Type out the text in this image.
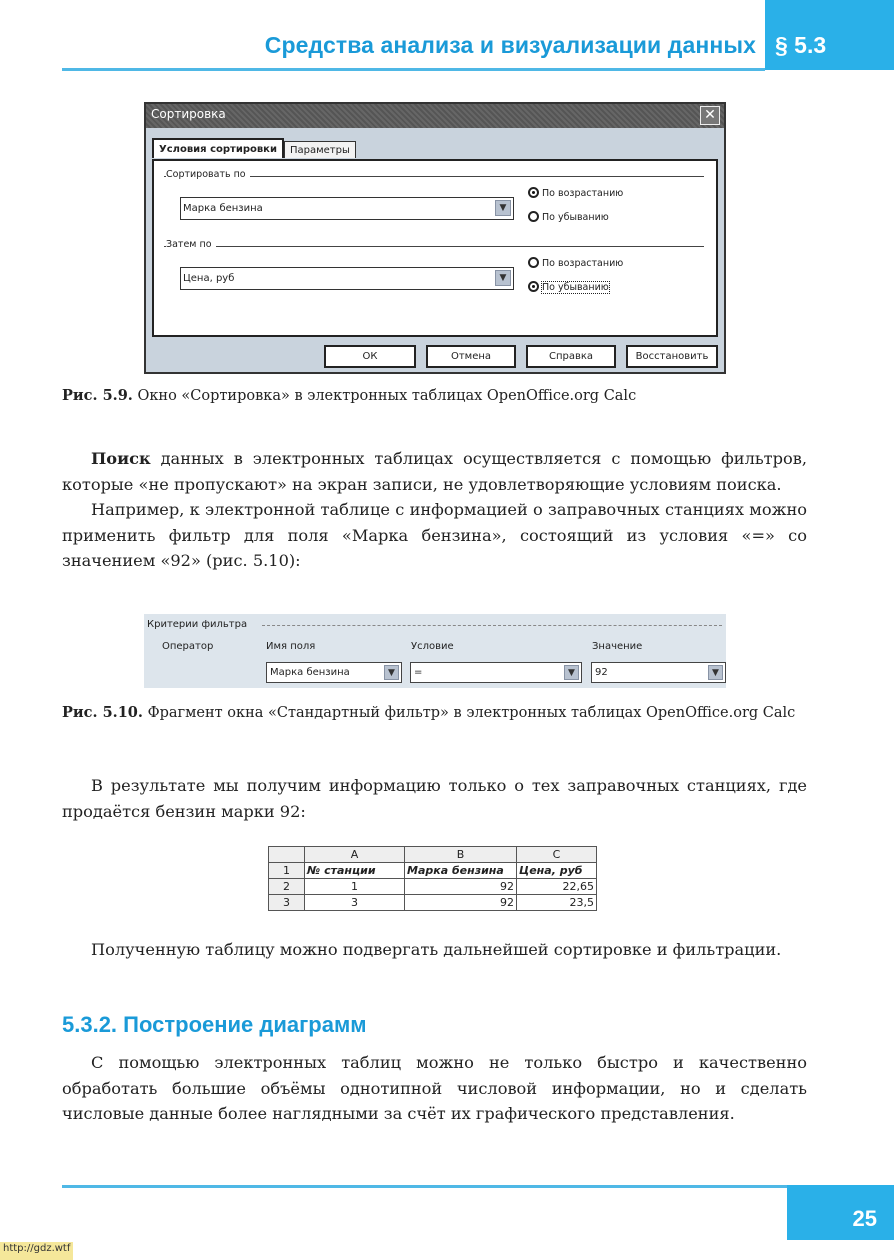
Средства анализа и визуализации данных § 5.3
Сортировка	✕
Условия сортировки Параметры
Сортировать по
Марка бензина	▼
По возрастанию
По убыванию
Затем по
Цена, руб	▼
По возрастанию
По убыванию
ОК	Отмена	Справка	Восстановить
Рис. 5.9. Окно «Сортировка» в электронных таблицах OpenOffice.org Calc

Поиск данных в электронных таблицах осуществляется с помощью фильтров, которые «не пропускают» на экран записи, не удовлетворяющие условиям поиска.

Например, к электронной таблице с информацией о заправочных станциях можно применить фильтр для поля «Марка бензина», состоящий из условия «=» со значением «92» (рис. 5.10):

Критерии фильтра
Оператор	Имя поля	Условие	Значение
Марка бензина	▼	=	▼	92	▼
Рис. 5.10. Фрагмент окна «Стандартный фильтр» в электронных таблицах OpenOffice.org Calc

В результате мы получим информацию только о тех заправочных станциях, где продаётся бензин марки 92:

	A	B	C
1	№ станции	Марка бензина	Цена, руб
2	1	92	22,65
3	3	92	23,5

Полученную таблицу можно подвергать дальнейшей сортировке и фильтрации.

5.3.2. Построение диаграмм

С помощью электронных таблиц можно не только быстро и качественно обработать большие объёмы однотипной числовой информации, но и сделать числовые данные более наглядными за счёт их графического представления.

25
http://gdz.wtf
